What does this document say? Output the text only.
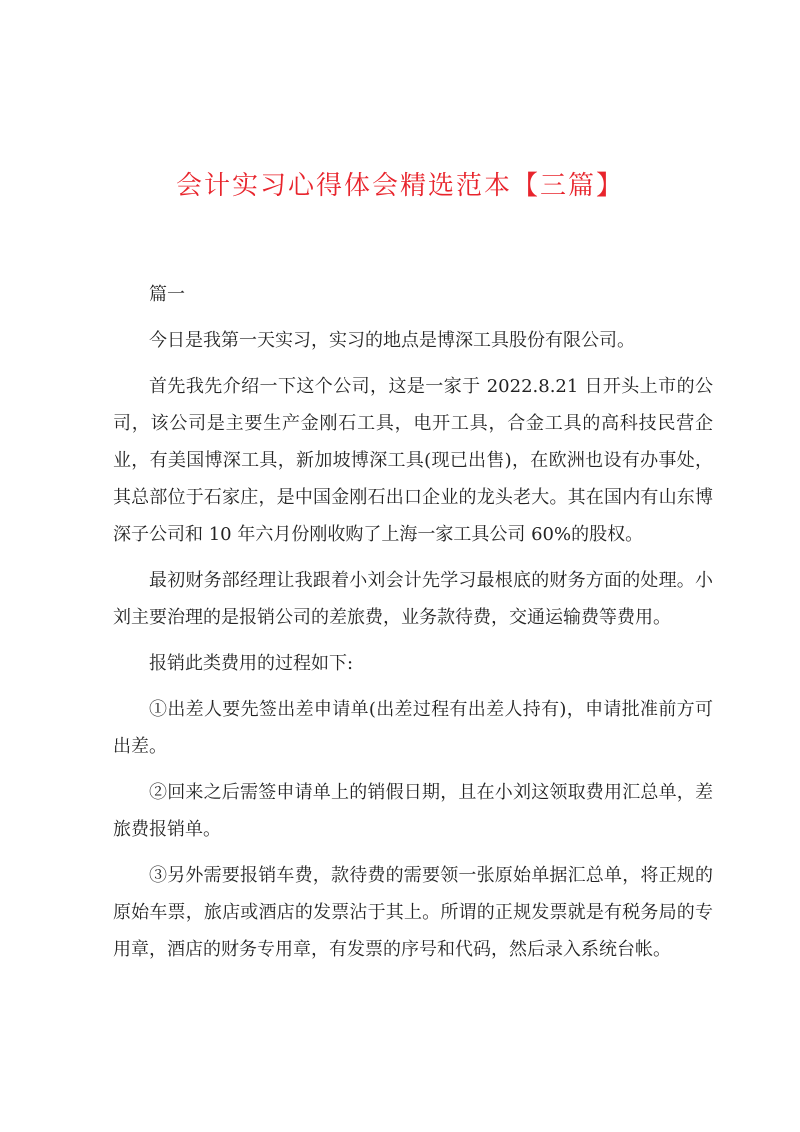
会计实习心得体会精选范本【三篇】

篇一

今日是我第一天实习，实习的地点是博深工具股份有限公司。

首先我先介绍一下这个公司，这是一家于 2022.8.21 日开头上市的公司，该公司是主要生产金刚石工具，电开工具，合金工具的高科技民营企业，有美国博深工具，新加坡博深工具(现已出售)，在欧洲也设有办事处，其总部位于石家庄，是中国金刚石出口企业的龙头老大。其在国内有山东博深子公司和 10 年六月份刚收购了上海一家工具公司 60%的股权。

最初财务部经理让我跟着小刘会计先学习最根底的财务方面的处理。小刘主要治理的是报销公司的差旅费，业务款待费，交通运输费等费用。

报销此类费用的过程如下:

①出差人要先签出差申请单(出差过程有出差人持有)，申请批准前方可出差。

②回来之后需签申请单上的销假日期，且在小刘这领取费用汇总单，差旅费报销单。

③另外需要报销车费，款待费的需要领一张原始单据汇总单，将正规的原始车票，旅店或酒店的发票沾于其上。所谓的正规发票就是有税务局的专用章，酒店的财务专用章，有发票的序号和代码，然后录入系统台帐。
